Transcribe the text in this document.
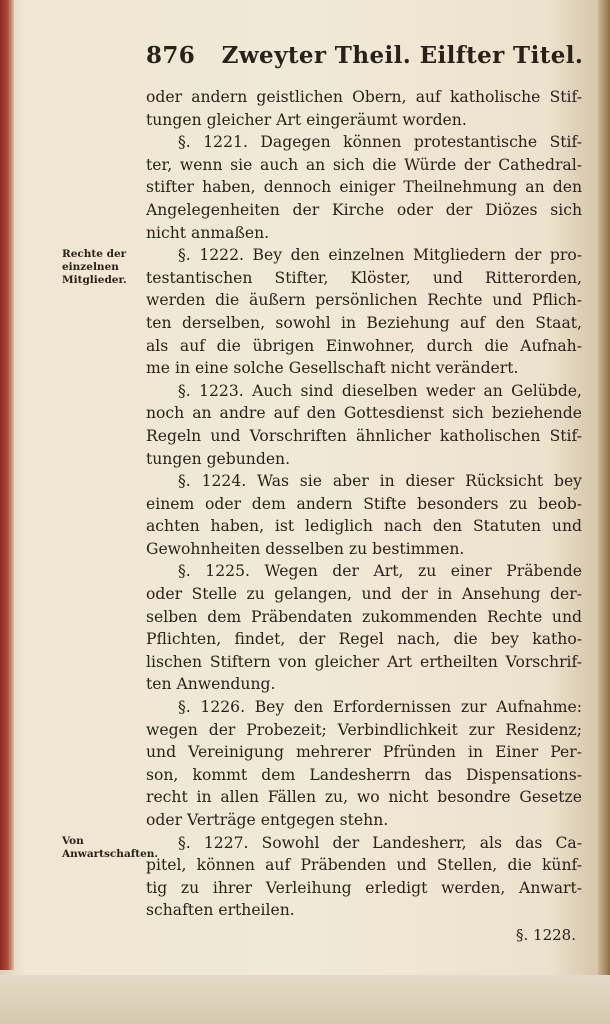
876 Zweyter Theil. Eilfter Titel.
Rechte der einzelnen Mitglieder.
Von Anwartschaften.
oder andern geistlichen Obern, auf katholische Stif-
tungen gleicher Art eingeräumt worden.
§. 1221. Dagegen können protestantische Stif-
ter, wenn sie auch an sich die Würde der Cathedral-
stifter haben, dennoch einiger Theilnehmung an den
Angelegenheiten der Kirche oder der Diözes sich
nicht anmaßen.
§. 1222. Bey den einzelnen Mitgliedern der pro-
testantischen Stifter, Klöster, und Ritterorden,
werden die äußern persönlichen Rechte und Pflich-
ten derselben, sowohl in Beziehung auf den Staat,
als auf die übrigen Einwohner, durch die Aufnah-
me in eine solche Gesellschaft nicht verändert.
§. 1223. Auch sind dieselben weder an Gelübde,
noch an andre auf den Gottesdienst sich beziehende
Regeln und Vorschriften ähnlicher katholischen Stif-
tungen gebunden.
§. 1224. Was sie aber in dieser Rücksicht bey
einem oder dem andern Stifte besonders zu beob-
achten haben, ist lediglich nach den Statuten und
Gewohnheiten desselben zu bestimmen.
§. 1225. Wegen der Art, zu einer Präbende
oder Stelle zu gelangen, und der in Ansehung der-
selben dem Präbendaten zukommenden Rechte und
Pflichten, findet, der Regel nach, die bey katho-
lischen Stiftern von gleicher Art ertheilten Vorschrif-
ten Anwendung.
§. 1226. Bey den Erfordernissen zur Aufnahme:
wegen der Probezeit; Verbindlichkeit zur Residenz;
und Vereinigung mehrerer Pfründen in Einer Per-
son, kommt dem Landesherrn das Dispensations-
recht in allen Fällen zu, wo nicht besondre Gesetze
oder Verträge entgegen stehn.
§. 1227. Sowohl der Landesherr, als das Ca-
pitel, können auf Präbenden und Stellen, die künf-
tig zu ihrer Verleihung erledigt werden, Anwart-
schaften ertheilen.
§. 1228.
